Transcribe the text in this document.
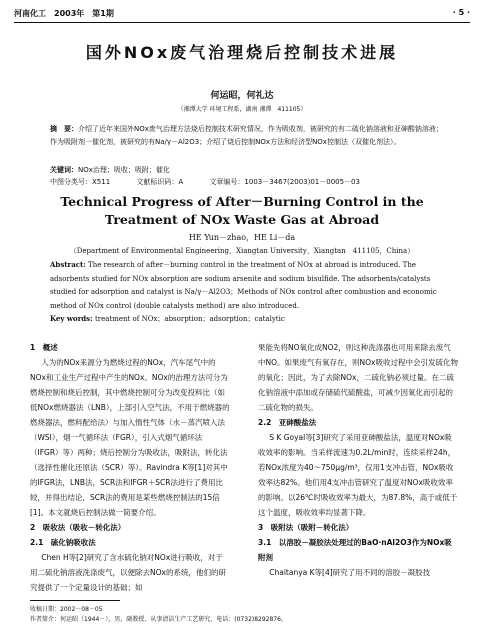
河南化工　2003年　第1期	· 5 ·
国外NOx废气治理烧后控制技术进展
何运昭，何礼达
（湘潭大学 环境工程系，湖南 湘潭　411105）
摘　要：介绍了近年来国外NOx废气治理方法烧后控制技术研究情况，作为吸收剂，被研究的有二硫化钠溶液和亚砷酸钠溶液；作为吸附剂一催化剂，被研究的有Na/γ－Al2O3；介绍了烧后控制NOx方法和经济型NOx控制法（双催化剂法）。
关键词：NOx治理；吸收；吸附；催化
中图分类号：X511	文献标识码：A	文章编号：1003－3467(2003)01－0005－03
Technical Progress of After－Burning Control in the
Treatment of NOx Waste Gas at Abroad
HE Yun－zhao，HE Li－da
（Department of Environmental Engineering，Xiangtan University，Xiangtan　411105，China）
Abstract: The research of after－burning control in the treatment of NOx at abroad is introduced. The adsorbents studied for NOx absorption are sodium arsenite and sodium bisulfide. The adsorbents/catalysts studied for adsorption and catalyst is Na/γ－Al2O3；Methods of NOx control after combustion and economic method of NOx control (double catalysts method) are also introduced.
Key words: treatment of NOx；absorption；adsorption；catalytic

1　概述

人为的NOx来源分为燃烧过程的NOx，汽车尾气中的NOx和工业生产过程中产生的NOx。NOx的治理方法可分为燃烧控制和烧后控制，其中燃烧控制可分为改变投料比（如低NOx燃烧器法（LNB），上部引入空气法，不用于燃烧器的燃烧器法，燃料配给法）与加入惰性气体（水－蒸汽喷入法（WSI），烟一气循环法（FGR），引入式烟气循环法（IFGR）等）两种；烧后控制分为吸收法，吸附法，转化法（选择性催化还原法（SCR）等）。Ravindra K等[1]对其中的IFGR法，LNB法，SCR法和IFGR＋SCR法进行了费用比较，并得出结论，SCR法的费用是某些燃烧控制法的15倍[1]。本文就烧后控制法做一简要介绍。

2　吸收法（吸收－转化法）

2.1　硫化钠吸收法

Chen H等[2]研究了含水硫化钠对NOx进行吸收，对于用二硫化钠溶液洗涤废气，以便除去NOx的系统，他们的研究提供了一个定量设计的基础；如

果能先将NO氧化成NO2，则这种洗涤器也可用来除去废气中NO。如果废气有氧存在，则NOx吸收过程中会引发硫化物的氧化；因此，为了去除NOx，二硫化钠必须过量。在二硫化钠溶液中添加或存储硫代硫酸盐，可减少因氧化而引起的二硫化物的损失。

2.2　亚砷酸盐法

S K Goyal等[3]研究了采用亚砷酸盐法，温度对NOx吸收效率的影响。当采样流速为0.2L/min时，连续采样24h，若NOx浓度为40～750μg/m³，仅用1支冲击管，NOx吸收效率达82%。他们用4支冲击管研究了温度对NOx吸收效率的影响。以26℃时吸收效率为最大，为87.8%，高于或低于这个温度，吸收效率均显著下降。

3　吸附法（吸附－转化法）

3.1　以溶胶－凝胶法处理过的BaO·nAl2O3作为NOx吸附剂

Chaitanya K等[4]研究了用不同的溶胶－凝胶技

收稿日期：2002－08－05
作者简介：何运昭（1944－），男，副教授，从事清洁生产工艺研究，电话：(0732)8292876。
